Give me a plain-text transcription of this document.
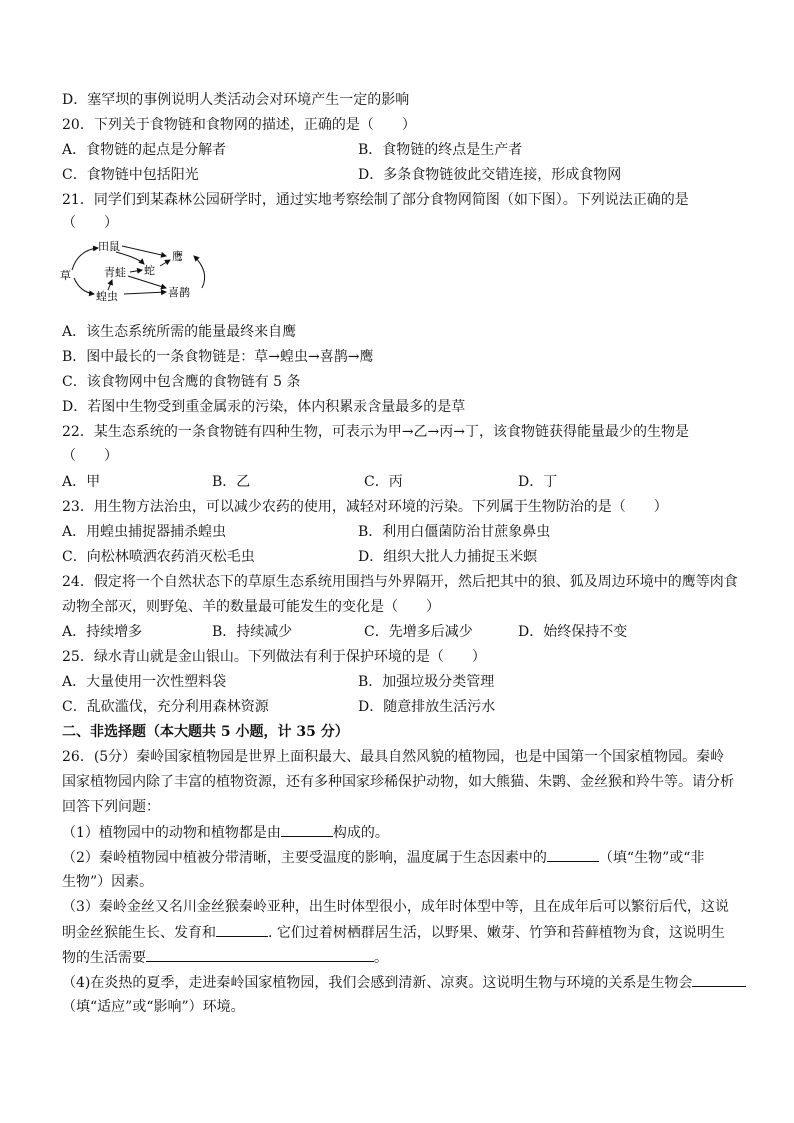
D．塞罕坝的事例说明人类活动会对环境产生一定的影响
20．下列关于食物链和食物网的描述，正确的是（　　）
A．食物链的起点是分解者	B．食物链的终点是生产者
C．食物链中包括阳光	D．多条食物链彼此交错连接，形成食物网
21．同学们到某森林公园研学时，通过实地考察绘制了部分食物网简图（如下图）。下列说法正确的是
（　　）
草
田鼠
青蛙 蛇
鹰
蝗虫	喜鹊
A．该生态系统所需的能量最终来自鹰
B．图中最长的一条食物链是：草→蝗虫→喜鹊→鹰
C．该食物网中包含鹰的食物链有 5 条
D．若图中生物受到重金属汞的污染，体内积累汞含量最多的是草
22．某生态系统的一条食物链有四种生物，可表示为甲→乙→丙→丁，该食物链获得能量最少的生物是
（　　）
A．甲	B．乙	C．丙	D．丁
23．用生物方法治虫，可以减少农药的使用，减轻对环境的污染。下列属于生物防治的是（　　）
A．用蝗虫捕捉器捕杀蝗虫	B．利用白僵菌防治甘蔗象鼻虫
C．向松林喷洒农药消灭松毛虫	D．组织大批人力捕捉玉米螟
24．假定将一个自然状态下的草原生态系统用围挡与外界隔开，然后把其中的狼、狐及周边环境中的鹰等肉食
动物全部灭，则野兔、羊的数量最可能发生的变化是（　　）
A．持续增多	B．持续减少	C．先增多后减少	D．始终保持不变
25．绿水青山就是金山银山。下列做法有利于保护环境的是（　　）
A．大量使用一次性塑料袋	B．加强垃圾分类管理
C．乱砍滥伐，充分利用森林资源	D．随意排放生活污水
二、非选择题（本大题共 5 小题，计 35 分）
26．(5分）秦岭国家植物园是世界上面积最大、最具自然风貌的植物园，也是中国第一个国家植物园。秦岭
国家植物园内除了丰富的植物资源，还有多种国家珍稀保护动物，如大熊猫、朱鹮、金丝猴和羚牛等。请分析
回答下列问题：
（1）植物园中的动物和植物都是由	构成的。
（2）秦岭植物园中植被分带清晰，主要受温度的影响，温度属于生态因素中的	（填“生物”或“非
生物”）因素。
（3）秦岭金丝又名川金丝猴秦岭亚种，出生时体型很小，成年时体型中等，且在成年后可以繁衍后代，这说
明金丝猴能生长、发育和	. 它们过着树栖群居生活，以野果、嫩芽、竹笋和苔藓植物为食，这说明生
物的生活需要	。
（4)在炎热的夏季，走进秦岭国家植物园，我们会感到清新、凉爽。这说明生物与环境的关系是生物会
（填“适应”或“影响”）环境。
